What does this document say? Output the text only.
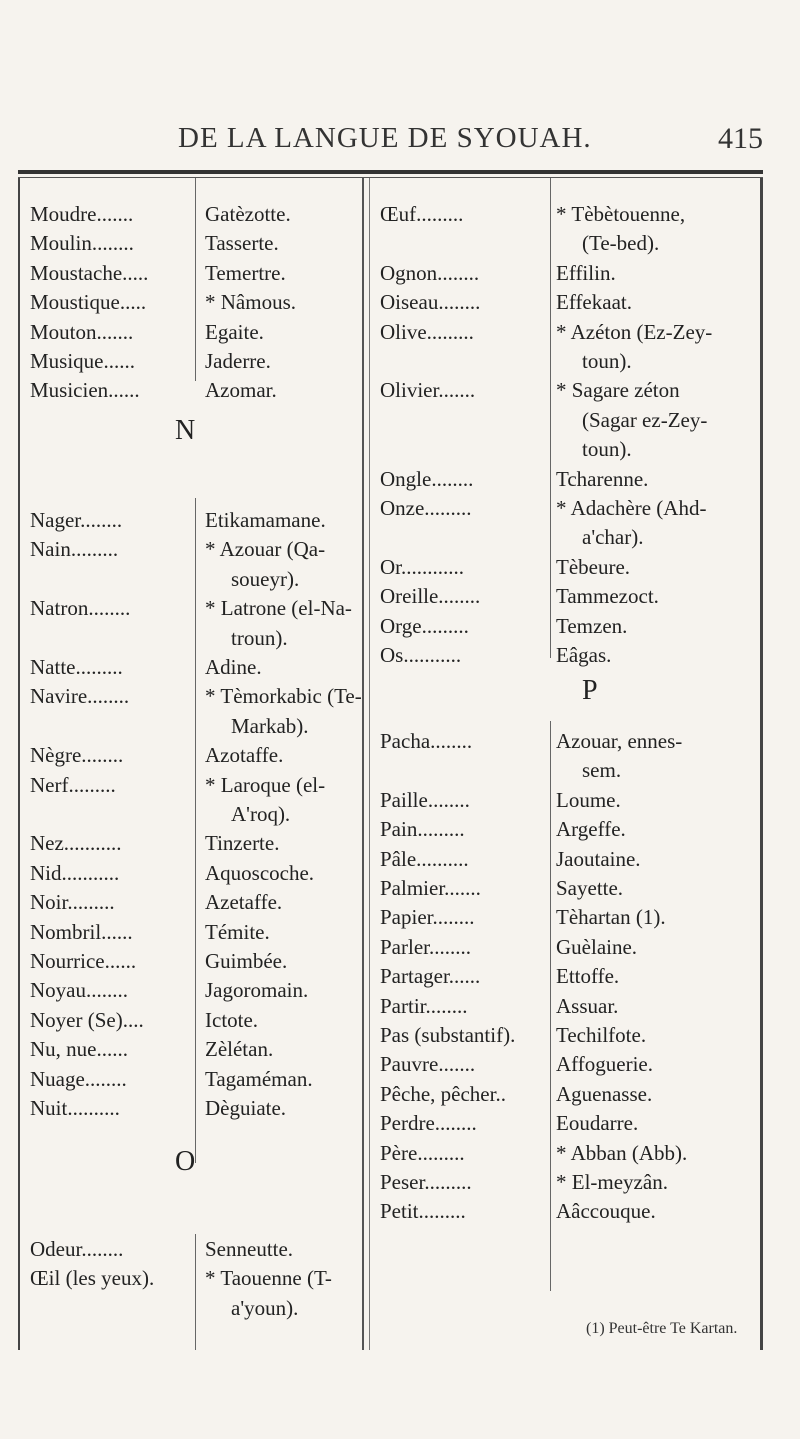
DE LA LANGUE DE SYOUAH.	415
N
O
Moudre.......	Gatèzotte.
Moulin........	Tasserte.
Moustache.....	Temertre.
Moustique.....	* Nâmous.
Mouton.......	Egaite.
Musique......	Jaderre.
Musicien......	Azomar.
Nager........	Etikamamane.
Nain.........	* Azouar (Qa-
soueyr).
Natron........	* Latrone (el-Na-
troun).
Natte.........	Adine.
Navire........	* Tèmorkabic (Te-
Markab).
Nègre........	Azotaffe.
Nerf.........	* Laroque (el-
A'roq).
Nez...........	Tinzerte.
Nid...........	Aquoscoche.
Noir.........	Azetaffe.
Nombril......	Témite.
Nourrice......	Guimbée.
Noyau........	Jagoromain.
Noyer (Se)....	Ictote.
Nu, nue......	Zèlétan.
Nuage........	Tagaméman.
Nuit..........	Dèguiate.
Odeur........	Senneutte.
Œil (les yeux). * Taouenne (T-
a'youn).
P
(1) Peut-être Te Kartan.
Œuf.........	* Tèbètouenne,
(Te-bed).
Ognon........	Effilin.
Oiseau........	Effekaat.
Olive.........	* Azéton (Ez-Zey-
toun).
Olivier.......	* Sagare zéton
(Sagar ez-Zey-
toun).
Ongle........	Tcharenne.
Onze.........	* Adachère (Ahd-
a'char).
Or............	Tèbeure.
Oreille........	Tammezoct.
Orge.........	Temzen.
Os...........	Eâgas.
Pacha........	Azouar, ennes-
sem.
Paille........	Loume.
Pain.........	Argeffe.
Pâle..........	Jaoutaine.
Palmier.......	Sayette.
Papier........	Tèhartan (1).
Parler........	Guèlaine.
Partager......	Ettoffe.
Partir........	Assuar.
Pas (substantif). Techilfote.
Pauvre.......	Affoguerie.
Pêche, pêcher.. Aguenasse.
Perdre........	Eoudarre.
Père.........	* Abban (Abb).
Peser.........	* El-meyzân.
Petit.........	Aâccouque.
